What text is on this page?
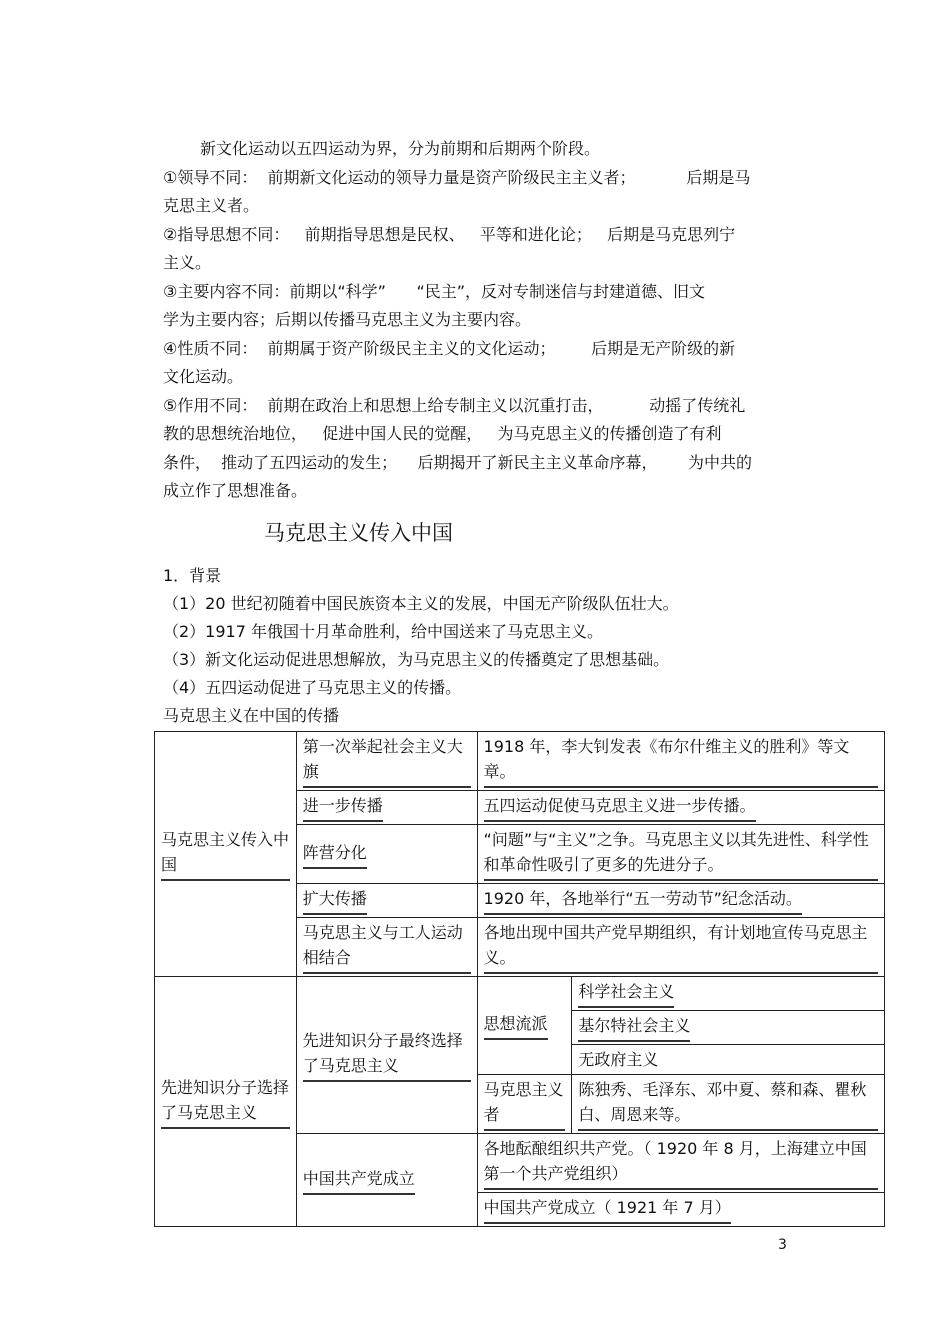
新文化运动以五四运动为界，分为前期和后期两个阶段。
①领导不同：  前期新文化运动的领导力量是资产阶级民主主义者；          后期是马
克思主义者。
②指导思想不同：   前期指导思想是民权、   平等和进化论；   后期是马克思列宁
主义。
③主要内容不同：前期以“科学”      “民主”，反对专制迷信与封建道德、旧文
学为主要内容；后期以传播马克思主义为主要内容。
④性质不同：  前期属于资产阶级民主主义的文化运动；       后期是无产阶级的新
文化运动。
⑤作用不同：  前期在政治上和思想上给专制主义以沉重打击，         动摇了传统礼
教的思想统治地位，   促进中国人民的觉醒，   为马克思主义的传播创造了有利
条件，  推动了五四运动的发生；    后期揭开了新民主主义革命序幕，      为中共的
成立作了思想准备。
马克思主义传入中国
1．背景
（1）20 世纪初随着中国民族资本主义的发展，中国无产阶级队伍壮大。
（2）1917 年俄国十月革命胜利，给中国送来了马克思主义。
（3）新文化运动促进思想解放，为马克思主义的传播奠定了思想基础。
（4）五四运动促进了马克思主义的传播。
马克思主义在中国的传播
马克思主义传入中国	第一次举起社会主义大旗	1918 年，李大钊发表《布尔什维主义的胜利》等文章。	
	进一步传播	五四运动促使马克思主义进一步传播。	
	阵营分化	“问题”与“主义”之争。马克思主义以其先进性、科学性和革命性吸引了更多的先进分子。	
	扩大传播	1920 年，各地举行“五一劳动节”纪念活动。	
	马克思主义与工人运动相结合	各地出现中国共产党早期组织，有计划地宣传马克思主义。	
先进知识分子选择了马克思主义	先进知识分子最终选择了马克思主义	思想流派	科学社会主义
			基尔特社会主义
			无政府主义
		马克思主义者	陈独秀、毛泽东、邓中夏、蔡和森、瞿秋白、周恩来等。
	中国共产党成立	各地酝酿组织共产党。（ 1920 年 8 月，上海建立中国第一个共产党组织）	
		中国共产党成立（ 1921 年 7 月）	
3
